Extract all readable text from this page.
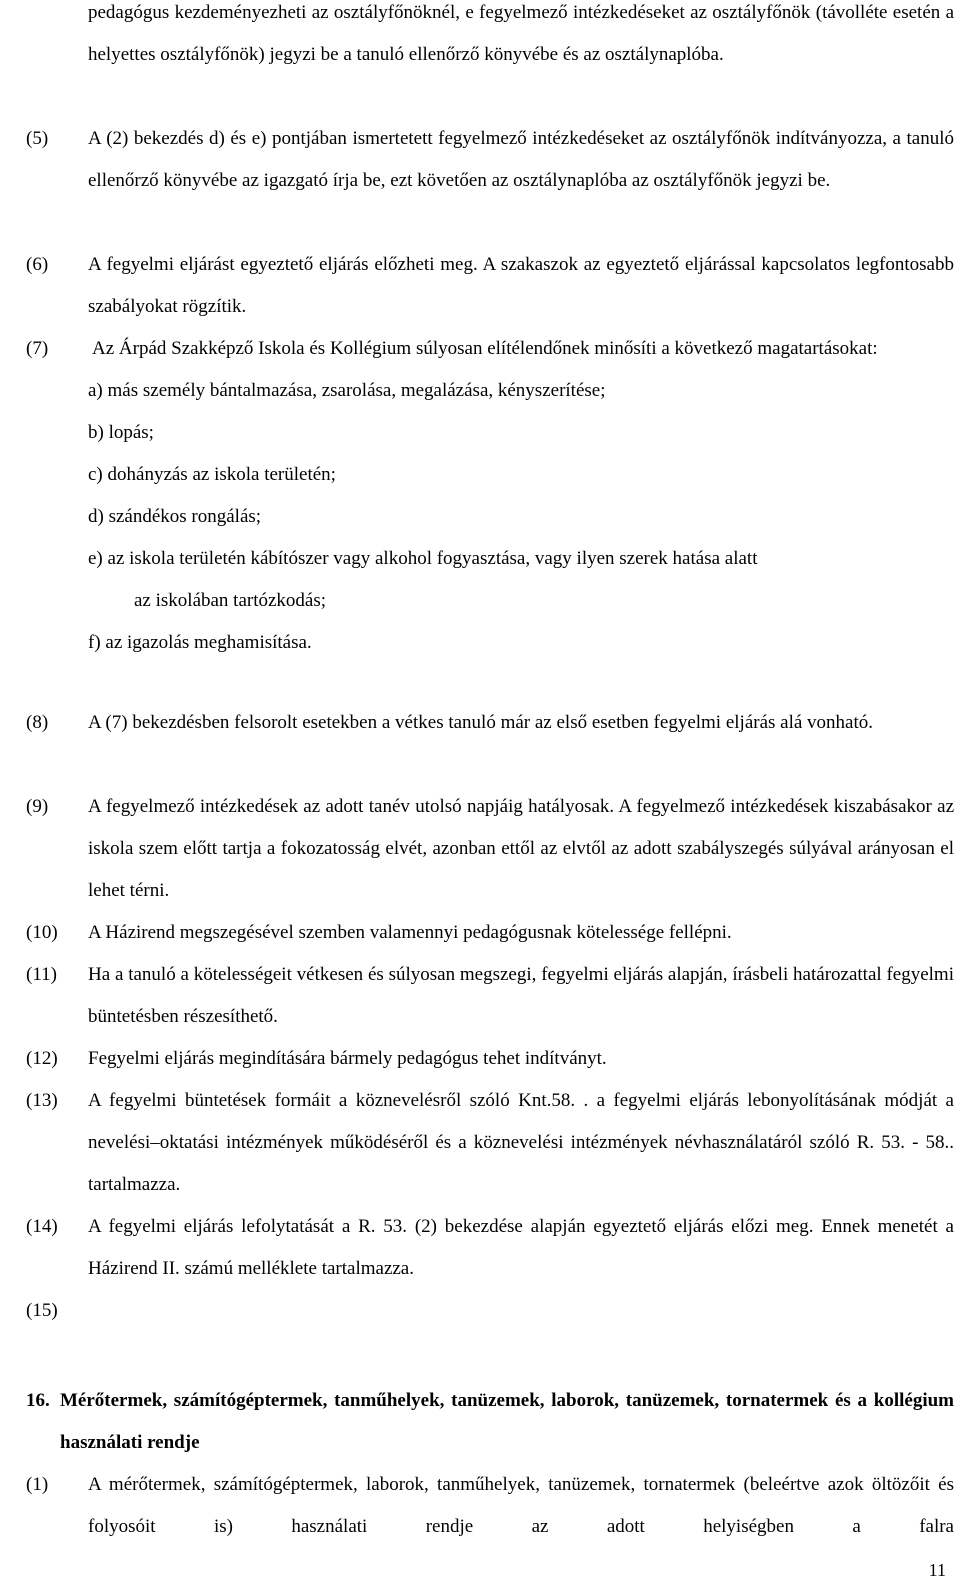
pedagógus kezdeményezheti az osztályfőnöknél, e fegyelmező intézkedéseket az osztályfőnök (távolléte esetén a helyettes osztályfőnök) jegyzi be a tanuló ellenőrző könyvébe és az osztálynaplóba.
(5) A (2) bekezdés d) és e) pontjában ismertetett fegyelmező intézkedéseket az osztályfőnök indítványozza, a tanuló ellenőrző könyvébe az igazgató írja be, ezt követően az osztálynaplóba az osztályfőnök jegyzi be.
(6) A fegyelmi eljárást egyeztető eljárás előzheti meg. A szakaszok az egyeztető eljárással kapcsolatos legfontosabb szabályokat rögzítik.
(7) Az Árpád Szakképző Iskola és Kollégium súlyosan elítélendőnek minősíti a következő magatartásokat:
a) más személy bántalmazása, zsarolása, megalázása, kényszerítése;
b) lopás;
c) dohányzás az iskola területén;
d) szándékos rongálás;
e) az iskola területén kábítószer vagy alkohol fogyasztása, vagy ilyen szerek hatása alatt
az iskolában tartózkodás;
f) az igazolás meghamisítása.
(8) A (7) bekezdésben felsorolt esetekben a vétkes tanuló már az első esetben fegyelmi eljárás alá vonható.
(9) A fegyelmező intézkedések az adott tanév utolsó napjáig hatályosak. A fegyelmező intézkedések kiszabásakor az iskola szem előtt tartja a fokozatosság elvét, azonban ettől az elvtől az adott szabályszegés súlyával arányosan el lehet térni.
(10) A Házirend megszegésével szemben valamennyi pedagógusnak kötelessége fellépni.
(11) Ha a tanuló a kötelességeit vétkesen és súlyosan megszegi, fegyelmi eljárás alapján, írásbeli határozattal fegyelmi büntetésben részesíthető.
(12) Fegyelmi eljárás megindítására bármely pedagógus tehet indítványt.
(13) A fegyelmi büntetések formáit a köznevelésről szóló Knt.58. . a fegyelmi eljárás lebonyolításának módját a nevelési–oktatási intézmények működéséről és a köznevelési intézmények névhasználatáról szóló R. 53. - 58.. tartalmazza.
(14) A fegyelmi eljárás lefolytatását a R. 53. (2) bekezdése alapján egyeztető eljárás előzi meg. Ennek menetét a Házirend II. számú melléklete tartalmazza.
(15)
16. Mérőtermek, számítógéptermek, tanműhelyek, tanüzemek, laborok, tanüzemek, tornatermek és a kollégium használati rendje
(1) A mérőtermek, számítógéptermek, laborok, tanműhelyek, tanüzemek, tornatermek (beleértve azok öltözőit és folyosóit is) használati rendje az adott helyiségben a falra
11
